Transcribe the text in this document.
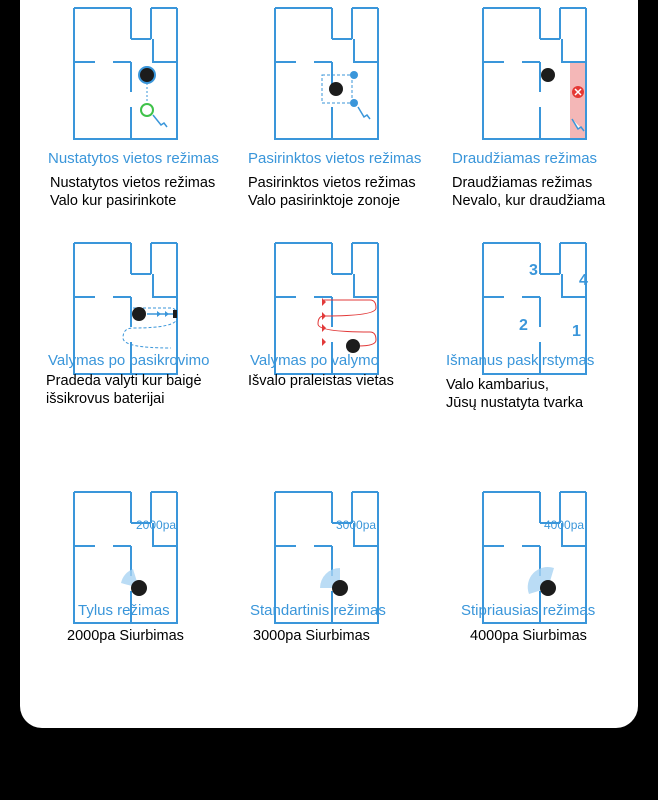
Nustatytos vietos režimas
Nustatytos vietos režimas
Valo kur pasirinkote
Pasirinktos vietos režimas
Pasirinktos vietos režimas
Valo pasirinktoje zonoje
Draudžiamas režimas
Draudžiamas režimas
Nevalo, kur draudžiama
Valymas po pasikrovimo
Pradeda valyti kur baigė
išsikrovus baterijai
Valymas po valymo
Išvalo praleistas vietas
3
4
2	1
Išmanus paskirstymas
Valo kambarius,
Jūsų nustatyta tvarka
2000pa
Tylus režimas
2000pa Siurbimas
3000pa
Standartinis režimas
3000pa Siurbimas
4000pa
Stipriausias režimas
4000pa Siurbimas
